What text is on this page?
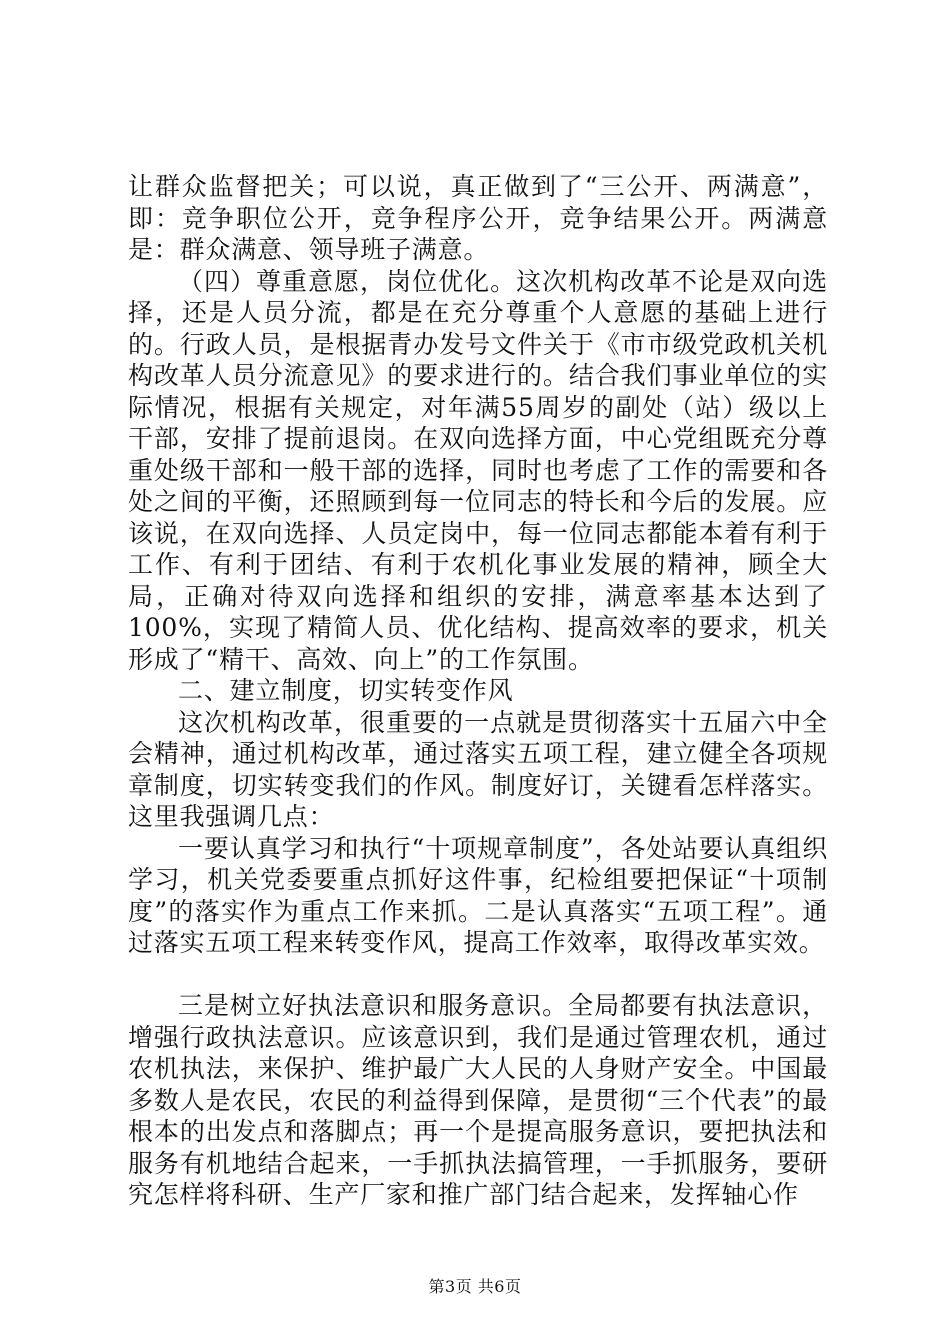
让群众监督把关；可以说，真正做到了“三公开、两满意”，即：竞争职位公开，竞争程序公开，竞争结果公开。两满意是：群众满意、领导班子满意。

（四）尊重意愿，岗位优化。这次机构改革不论是双向选择，还是人员分流，都是在充分尊重个人意愿的基础上进行的。行政人员，是根据青办发号文件关于《市市级党政机关机构改革人员分流意见》的要求进行的。结合我们事业单位的实际情况，根据有关规定，对年满55周岁的副处（站）级以上干部，安排了提前退岗。在双向选择方面，中心党组既充分尊重处级干部和一般干部的选择，同时也考虑了工作的需要和各处之间的平衡，还照顾到每一位同志的特长和今后的发展。应该说，在双向选择、人员定岗中，每一位同志都能本着有利于工作、有利于团结、有利于农机化事业发展的精神，顾全大局，正确对待双向选择和组织的安排，满意率基本达到了100%，实现了精简人员、优化结构、提高效率的要求，机关形成了“精干、高效、向上”的工作氛围。

二、建立制度，切实转变作风

这次机构改革，很重要的一点就是贯彻落实十五届六中全会精神，通过机构改革，通过落实五项工程，建立健全各项规章制度，切实转变我们的作风。制度好订，关键看怎样落实。这里我强调几点：

一要认真学习和执行“十项规章制度”，各处站要认真组织学习，机关党委要重点抓好这件事，纪检组要把保证“十项制度”的落实作为重点工作来抓。二是认真落实“五项工程”。通过落实五项工程来转变作风，提高工作效率，取得改革实效。

三是树立好执法意识和服务意识。全局都要有执法意识，增强行政执法意识。应该意识到，我们是通过管理农机，通过农机执法，来保护、维护最广大人民的人身财产安全。中国最多数人是农民，农民的利益得到保障，是贯彻“三个代表”的最根本的出发点和落脚点；再一个是提高服务意识，要把执法和服务有机地结合起来，一手抓执法搞管理，一手抓服务，要研究怎样将科研、生产厂家和推广部门结合起来，发挥轴心作

第3页 共6页
